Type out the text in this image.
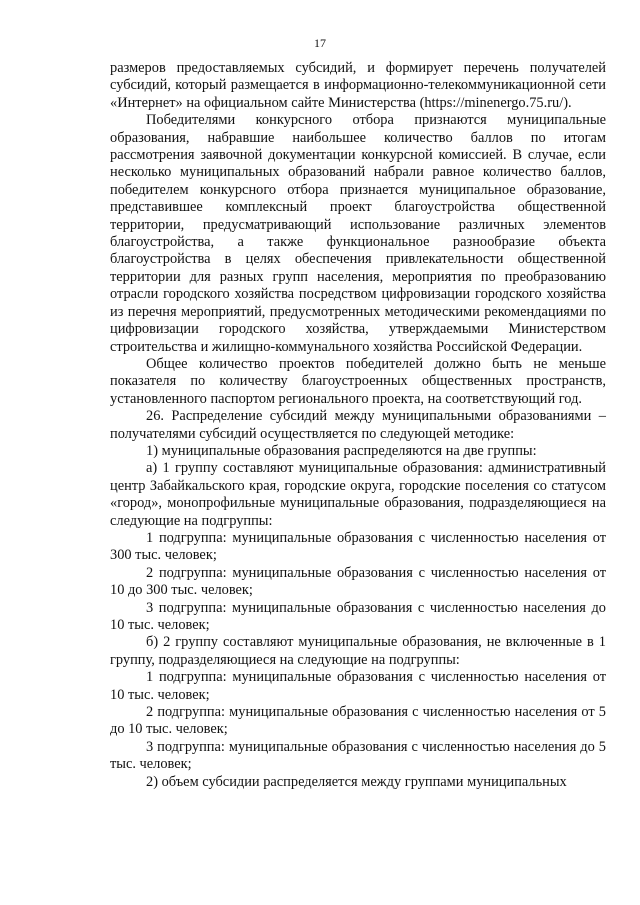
17

размеров предоставляемых субсидий, и формирует перечень получателей субсидий, который размещается в информационно-телекоммуникационной сети «Интернет» на официальном сайте Министерства (https://minenergo.75.ru/).

Победителями конкурсного отбора признаются муниципальные образования, набравшие наибольшее количество баллов по итогам рассмотрения заявочной документации конкурсной комиссией. В случае, если несколько муниципальных образований набрали равное количество баллов, победителем конкурсного отбора признается муниципальное образование, представившее комплексный проект благоустройства общественной территории, предусматривающий использование различных элементов благоустройства, а также функциональное разнообразие объекта благоустройства в целях обеспечения привлекательности общественной территории для разных групп населения, мероприятия по преобразованию отрасли городского хозяйства посредством цифровизации городского хозяйства из перечня мероприятий, предусмотренных методическими рекомендациями по цифровизации городского хозяйства, утверждаемыми Министерством строительства и жилищно-коммунального хозяйства Российской Федерации.

Общее количество проектов победителей должно быть не меньше показателя по количеству благоустроенных общественных пространств, установленного паспортом регионального проекта, на соответствующий год.

26. Распределение субсидий между муниципальными образованиями – получателями субсидий осуществляется по следующей методике:

1) муниципальные образования распределяются на две группы:

а) 1 группу составляют муниципальные образования: административный центр Забайкальского края, городские округа, городские поселения со статусом «город», монопрофильные муниципальные образования, подразделяющиеся на следующие на подгруппы:

1 подгруппа: муниципальные образования с численностью населения от 300 тыс. человек;

2 подгруппа: муниципальные образования с численностью населения от 10 до 300 тыс. человек;

3 подгруппа: муниципальные образования с численностью населения до 10 тыс. человек;

б) 2 группу составляют муниципальные образования, не включенные в 1 группу, подразделяющиеся на следующие на подгруппы:

1 подгруппа: муниципальные образования с численностью населения от 10 тыс. человек;

2 подгруппа: муниципальные образования с численностью населения от 5 до 10 тыс. человек;

3 подгруппа: муниципальные образования с численностью населения до 5 тыс. человек;

2) объем субсидии распределяется между группами муниципальных
